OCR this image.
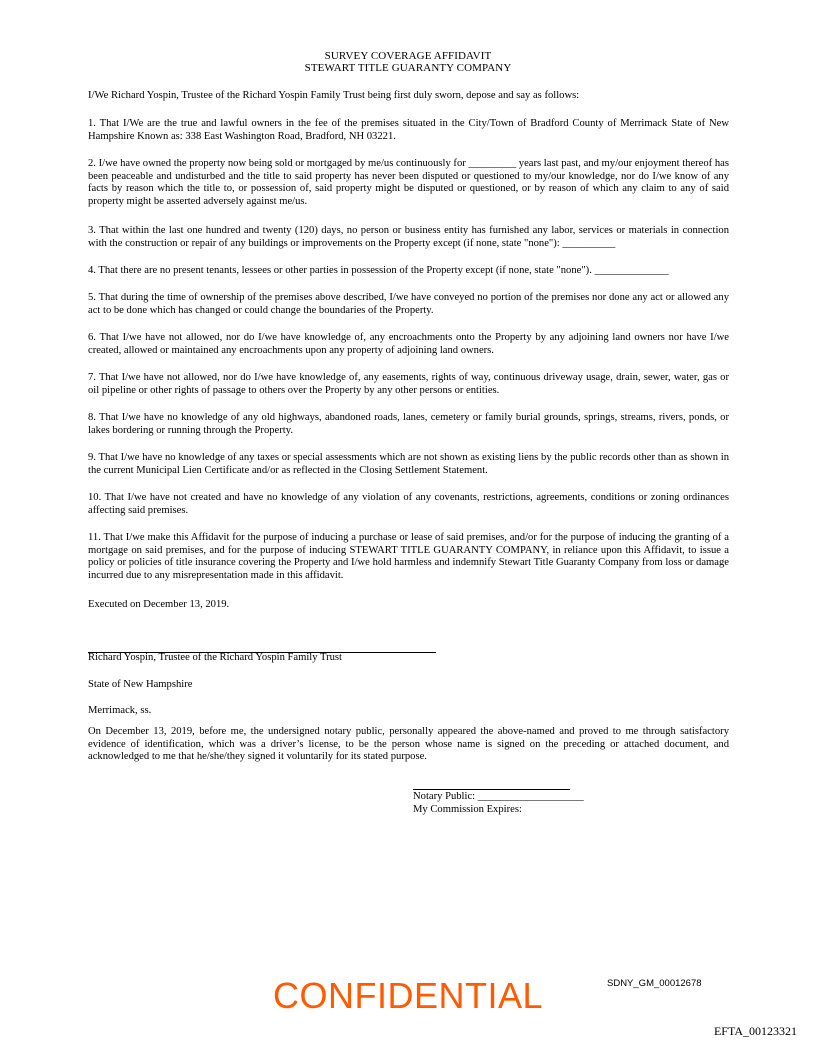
SURVEY COVERAGE AFFIDAVIT
STEWART TITLE GUARANTY COMPANY
I/We Richard Yospin, Trustee of the Richard Yospin Family Trust being first duly sworn, depose and say as follows:
1. That I/We are the true and lawful owners in the fee of the premises situated in the City/Town of Bradford County of Merrimack State of New Hampshire Known as: 338 East Washington Road, Bradford, NH 03221.
2. I/we have owned the property now being sold or mortgaged by me/us continuously for _________ years last past, and my/our enjoyment thereof has been peaceable and undisturbed and the title to said property has never been disputed or questioned to my/our knowledge, nor do I/we know of any facts by reason which the title to, or possession of, said property might be disputed or questioned, or by reason of which any claim to any of said property might be asserted adversely against me/us.
3. That within the last one hundred and twenty (120) days, no person or business entity has furnished any labor, services or materials in connection with the construction or repair of any buildings or improvements on the Property except (if none, state "none"): __________
4. That there are no present tenants, lessees or other parties in possession of the Property except (if none, state "none"). ______________
5. That during the time of ownership of the premises above described, I/we have conveyed no portion of the premises nor done any act or allowed any act to be done which has changed or could change the boundaries of the Property.
6. That I/we have not allowed, nor do I/we have knowledge of, any encroachments onto the Property by any adjoining land owners nor have I/we created, allowed or maintained any encroachments upon any property of adjoining land owners.
7. That I/we have not allowed, nor do I/we have knowledge of, any easements, rights of way, continuous driveway usage, drain, sewer, water, gas or oil pipeline or other rights of passage to others over the Property by any other persons or entities.
8. That I/we have no knowledge of any old highways, abandoned roads, lanes, cemetery or family burial grounds, springs, streams, rivers, ponds, or lakes bordering or running through the Property.
9. That I/we have no knowledge of any taxes or special assessments which are not shown as existing liens by the public records other than as shown in the current Municipal Lien Certificate and/or as reflected in the Closing Settlement Statement.
10. That I/we have not created and have no knowledge of any violation of any covenants, restrictions, agreements, conditions or zoning ordinances affecting said premises.
11. That I/we make this Affidavit for the purpose of inducing a purchase or lease of said premises, and/or for the purpose of inducing the granting of a mortgage on said premises, and for the purpose of inducing STEWART TITLE GUARANTY COMPANY, in reliance upon this Affidavit, to issue a policy or policies of title insurance covering the Property and I/we hold harmless and indemnify Stewart Title Guaranty Company from loss or damage incurred due to any misrepresentation made in this affidavit.
Executed on December 13, 2019.
Richard Yospin, Trustee of the Richard Yospin Family Trust
State of New Hampshire
Merrimack, ss.
On December 13, 2019, before me, the undersigned notary public, personally appeared the above-named and proved to me through satisfactory evidence of identification, which was a driver’s license, to be the person whose name is signed on the preceding or attached document, and acknowledged to me that he/she/they signed it voluntarily for its stated purpose.
Notary Public: ____________________
My Commission Expires:
SDNY_GM_00012678
CONFIDENTIAL
EFTA_00123321
